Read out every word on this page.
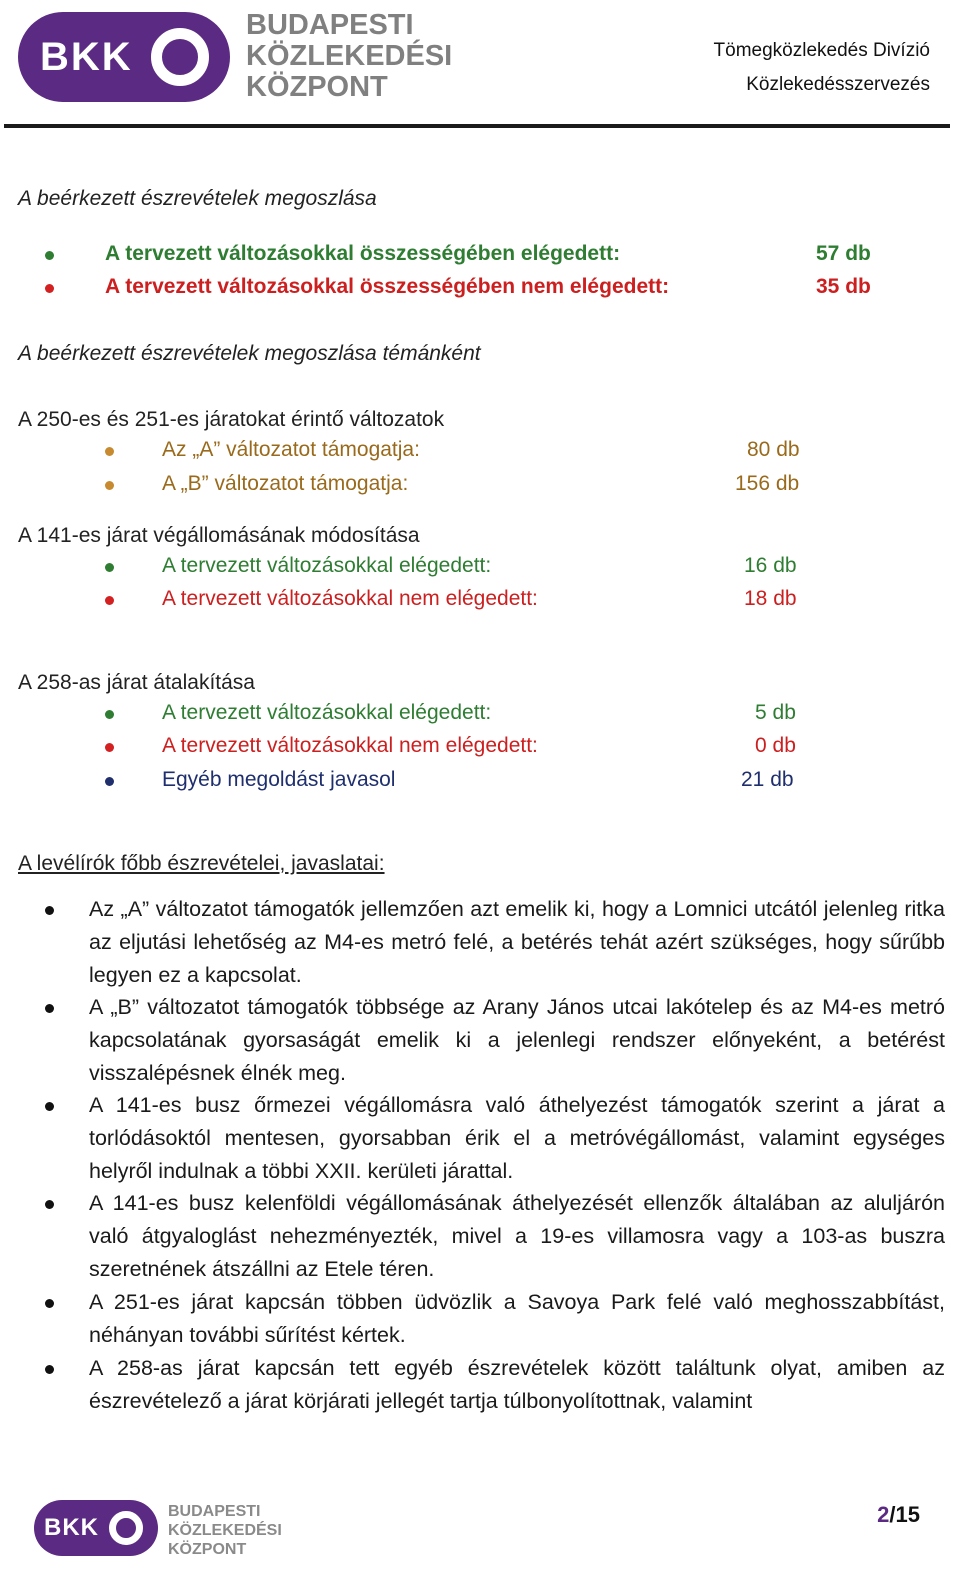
BKK
BUDAPESTI
KÖZLEKEDÉSI
KÖZPONT
Tömegközlekedés Divízió
Közlekedésszervezés
A beérkezett észrevételek megoszlása
A tervezett változásokkal összességében elégedett:	57 db
A tervezett változásokkal összességében nem elégedett:	35 db
A beérkezett észrevételek megoszlása témánként
A 250-es és 251-es járatokat érintő változatok
Az „A” változatot támogatja:	80 db
A „B” változatot támogatja:	156 db
A 141-es járat végállomásának módosítása
A tervezett változásokkal elégedett:	16 db
A tervezett változásokkal nem elégedett:	18 db
A 258-as járat átalakítása
A tervezett változásokkal elégedett:	5 db
A tervezett változásokkal nem elégedett:	0 db
Egyéb megoldást javasol	21 db
A levélírók főbb észrevételei, javaslatai:
Az „A” változatot támogatók jellemzően azt emelik ki, hogy a Lomnici utcától jelenleg ritka az eljutási lehetőség az M4-es metró felé, a betérés tehát azért szükséges, hogy sűrűbb legyen ez a kapcsolat.
A „B” változatot támogatók többsége az Arany János utcai lakótelep és az M4-es metró kapcsolatának gyorsaságát emelik ki a jelenlegi rendszer előnyeként, a betérést visszalépésnek élnék meg.
A 141-es busz őrmezei végállomásra való áthelyezést támogatók szerint a járat a torlódásoktól mentesen, gyorsabban érik el a metróvégállomást, valamint egységes helyről indulnak a többi XXII. kerületi járattal.
A 141-es busz kelenföldi végállomásának áthelyezését ellenzők általában az aluljárón való átgyaloglást nehezményezték, mivel a 19-es villamosra vagy a 103-as buszra szeretnének átszállni az Etele téren.
A 251-es járat kapcsán többen üdvözlik a Savoya Park felé való meghosszabbítást, néhányan további sűrítést kértek.
A 258-as járat kapcsán tett egyéb észrevételek között találtunk olyat, amiben az észrevételező a járat körjárati jellegét tartja túlbonyolítottnak, valamint
BKK
BUDAPESTI
KÖZLEKEDÉSI
KÖZPONT
2/15
